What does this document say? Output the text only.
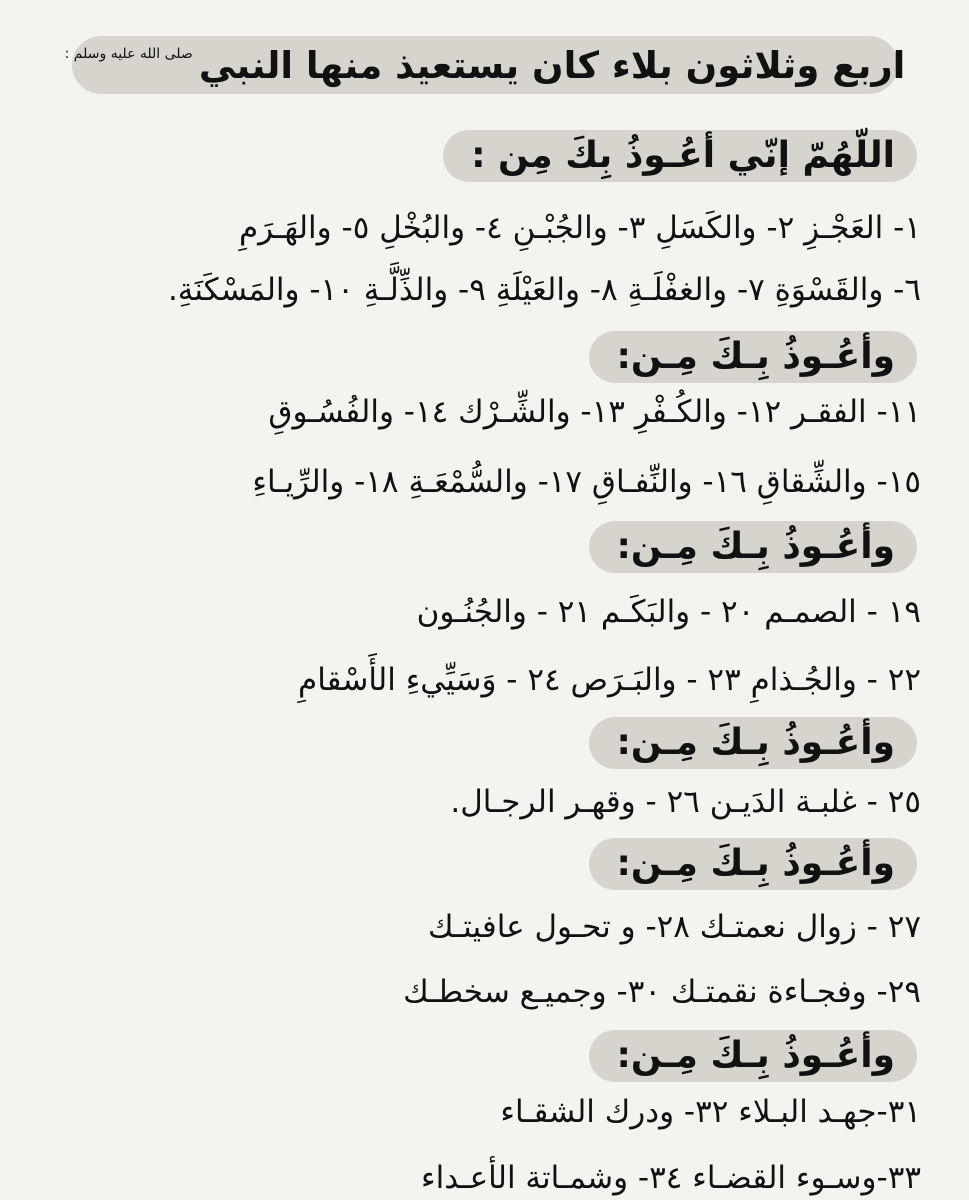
اربع وثلاثون بلاء كان يستعيذ منها النبي
صلى الله عليه وسلم :
اللّهُمّ إنّي أعُـوذُ بِكَ مِن :
١- العَجْـزِ ٢- والكَسَلِ ٣- والجُبْـنِ ٤- والبُخْلِ ٥- والهَـرَمِ
٦- والقَسْوَةِ ٧- والغفْلَـةِ ٨- والعَيْلَةِ ٩- والذِّلَّـةِ ١٠- والمَسْكَنَةِ.
وأعُـوذُ بِـكَ مِـن:
١١- الفقـر ١٢- والكُـفْرِ ١٣- والشِّـرْك ١٤- والفُسُـوقِ
١٥- والشِّقاقِ ١٦- والنِّفـاقِ ١٧- والسُّمْعَـةِ ١٨- والرِّيـاءِ
وأعُـوذُ بِـكَ مِـن:
١٩ - الصمـم ٢٠ - والبَكَـم ٢١ - والجُنُـون
٢٢ - والجُـذامِ ٢٣ - والبَـرَص ٢٤ - وَسَيِّيءِ الأَسْقامِ
وأعُـوذُ بِـكَ مِـن:
٢٥ - غلبـة الدَيـن ٢٦ - وقهـر الرجـال.
وأعُـوذُ بِـكَ مِـن:
٢٧ - زوال نعمتـك ٢٨- و تحـول عافيتـك
٢٩- وفجـاءة نقمتـك ٣٠- وجميـع سخطـك
وأعُـوذُ بِـكَ مِـن:
٣١-جهـد البـلاء ٣٢- ودرك الشقـاء
٣٣-وسـوء القضـاء ٣٤- وشمـاتة الأعـداء
